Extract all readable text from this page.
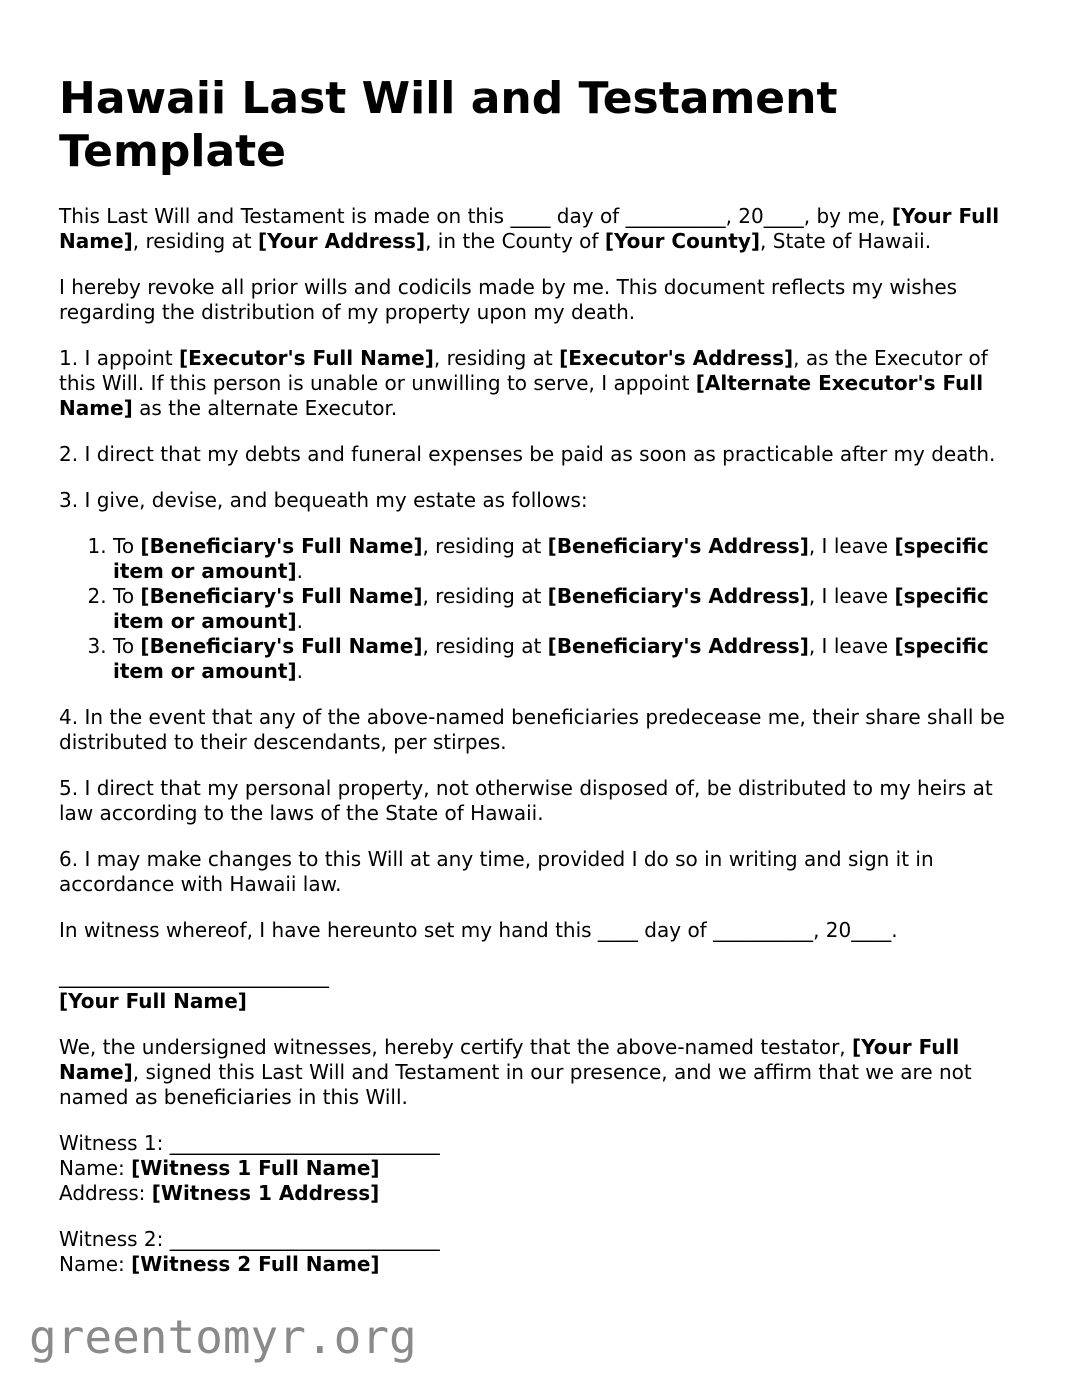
Hawaii Last Will and Testament
Template

This Last Will and Testament is made on this ____ day of __________, 20____, by me, [Your Full Name], residing at [Your Address], in the County of [Your County], State of Hawaii.

I hereby revoke all prior wills and codicils made by me. This document reflects my wishes regarding the distribution of my property upon my death.

1. I appoint [Executor's Full Name], residing at [Executor's Address], as the Executor of this Will. If this person is unable or unwilling to serve, I appoint [Alternate Executor's Full Name] as the alternate Executor.

2. I direct that my debts and funeral expenses be paid as soon as practicable after my death.

3. I give, devise, and bequeath my estate as follows:

1. To [Beneficiary's Full Name], residing at [Beneficiary's Address], I leave [specific item or amount].
2. To [Beneficiary's Full Name], residing at [Beneficiary's Address], I leave [specific item or amount].
3. To [Beneficiary's Full Name], residing at [Beneficiary's Address], I leave [specific item or amount].

4. In the event that any of the above-named beneficiaries predecease me, their share shall be distributed to their descendants, per stirpes.

5. I direct that my personal property, not otherwise disposed of, be distributed to my heirs at law according to the laws of the State of Hawaii.

6. I may make changes to this Will at any time, provided I do so in writing and sign it in accordance with Hawaii law.

In witness whereof, I have hereunto set my hand this ____ day of __________, 20____.

___________________________
[Your Full Name]

We, the undersigned witnesses, hereby certify that the above-named testator, [Your Full Name], signed this Last Will and Testament in our presence, and we affirm that we are not named as beneficiaries in this Will.

Witness 1: ___________________________
Name: [Witness 1 Full Name]
Address: [Witness 1 Address]

Witness 2: ___________________________
Name: [Witness 2 Full Name]

greentomyr.org
